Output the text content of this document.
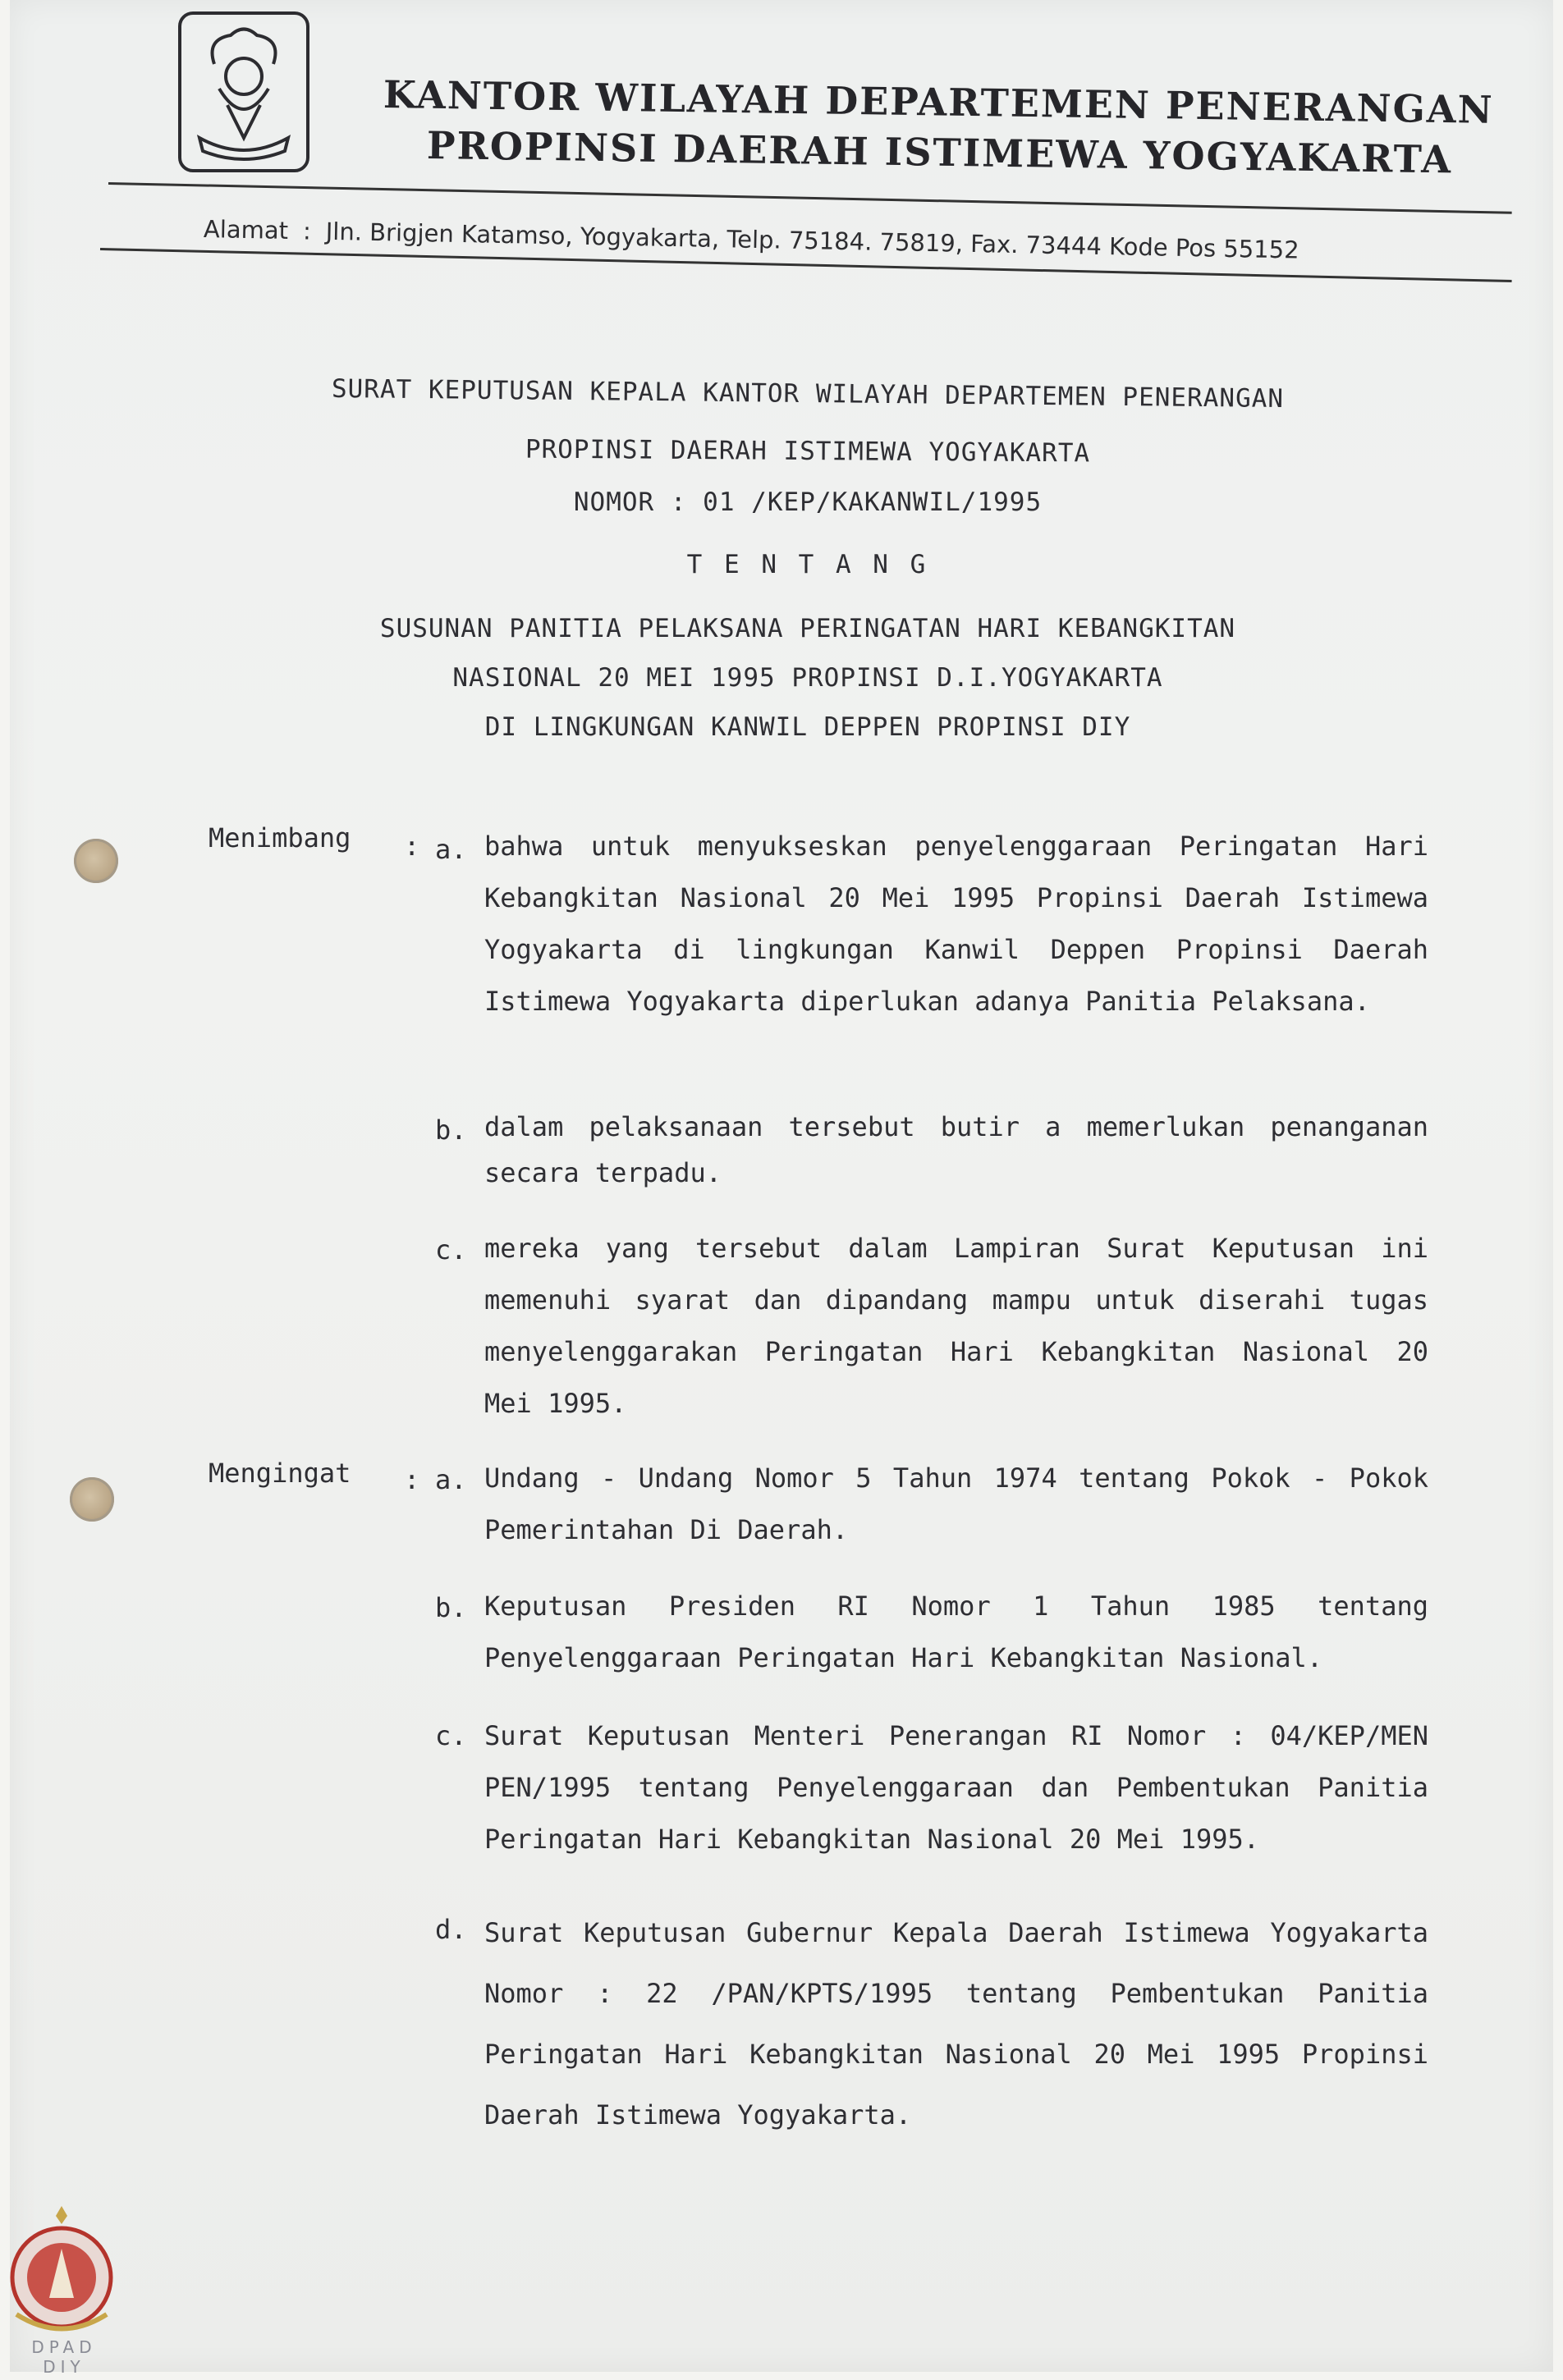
KANTOR WILAYAH DEPARTEMEN PENERANGAN
PROPINSI DAERAH ISTIMEWA YOGYAKARTA
Alamat : Jln. Brigjen Katamso, Yogyakarta, Telp. 75184. 75819, Fax. 73444 Kode Pos 55152
SURAT KEPUTUSAN KEPALA KANTOR WILAYAH DEPARTEMEN PENERANGAN
PROPINSI DAERAH ISTIMEWA YOGYAKARTA
NOMOR : 01 /KEP/KAKANWIL/1995
T E N T A N G
SUSUNAN PANITIA PELAKSANA PERINGATAN HARI KEBANGKITAN
NASIONAL 20 MEI 1995 PROPINSI D.I.YOGYAKARTA
DI LINGKUNGAN KANWIL DEPPEN PROPINSI DIY
Menimbang : a. bahwa untuk menyukseskan penyelenggaraan Peringatan Hari Kebangkitan Nasional 20 Mei 1995 Propinsi Daerah Istimewa Yogyakarta di lingkungan Kanwil Deppen Propinsi Daerah Istimewa Yogyakarta diperlukan adanya Panitia Pelaksana.
b. dalam pelaksanaan tersebut butir a memerlukan penanganan secara terpadu.
c. mereka yang tersebut dalam Lampiran Surat Keputusan ini memenuhi syarat dan dipandang mampu untuk diserahi tugas menyelenggarakan Peringatan Hari Kebangkitan Nasional 20 Mei 1995.
Mengingat : a. Undang - Undang Nomor 5 Tahun 1974 tentang Pokok - Pokok Pemerintahan Di Daerah.
b. Keputusan Presiden RI Nomor 1 Tahun 1985 tentang Penyelenggaraan Peringatan Hari Kebangkitan Nasional.
c. Surat Keputusan Menteri Penerangan RI Nomor : 04/KEP/MEN PEN/1995 tentang Penyelenggaraan dan Pembentukan Panitia Peringatan Hari Kebangkitan Nasional 20 Mei 1995.
d. Surat Keputusan Gubernur Kepala Daerah Istimewa Yogyakarta Nomor : 22 /PAN/KPTS/1995 tentang Pembentukan Panitia Peringatan Hari Kebangkitan Nasional 20 Mei 1995 Propinsi Daerah Istimewa Yogyakarta.
DPAD
DIY
